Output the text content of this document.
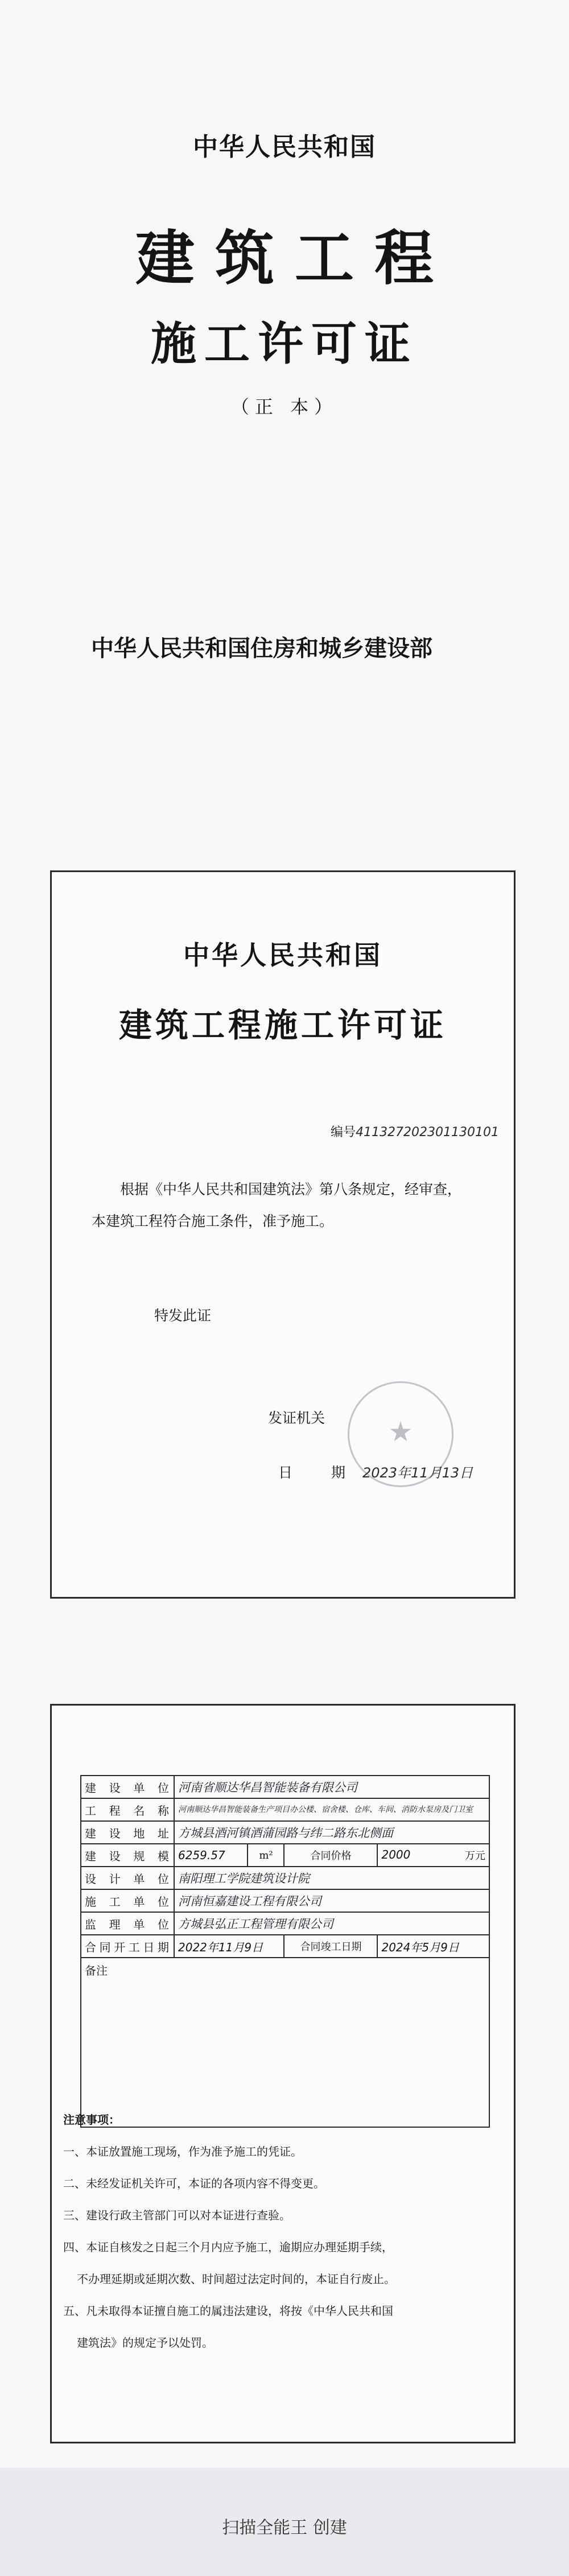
中华人民共和国
建筑工程
施工许可证
（正 本）
中华人民共和国住房和城乡建设部
中华人民共和国
建筑工程施工许可证
编号411327202301130101
根据《中华人民共和国建筑法》第八条规定，经审查，
本建筑工程符合施工条件，准予施工。
特发此证
★
发证机关
日 期2023年11月13日
建设单位	河南省顺达华昌智能装备有限公司			
工程名称	河南顺达华昌智能装备生产项目办公楼、宿舍楼、仓库、车间、消防水泵房及门卫室			
建设地址	方城县酒河镇酒蒲园路与纬二路东北侧面			
建设规模	6259.57	m²	合同价格	2000 万元

设计单位	南阳理工学院建筑设计院			
施工单位	河南恒嘉建设工程有限公司			
监理单位	方城县弘正工程管理有限公司			
合同开工日期	2022年11月9日		合同竣工日期	2024年5月9日
备注				
注意事项：
一、本证放置施工现场，作为准予施工的凭证。
二、未经发证机关许可，本证的各项内容不得变更。
三、建设行政主管部门可以对本证进行查验。
四、本证自核发之日起三个月内应予施工，逾期应办理延期手续，
不办理延期或延期次数、时间超过法定时间的，本证自行废止。
五、凡未取得本证擅自施工的属违法建设，将按《中华人民共和国
建筑法》的规定予以处罚。
扫描全能王 创建
